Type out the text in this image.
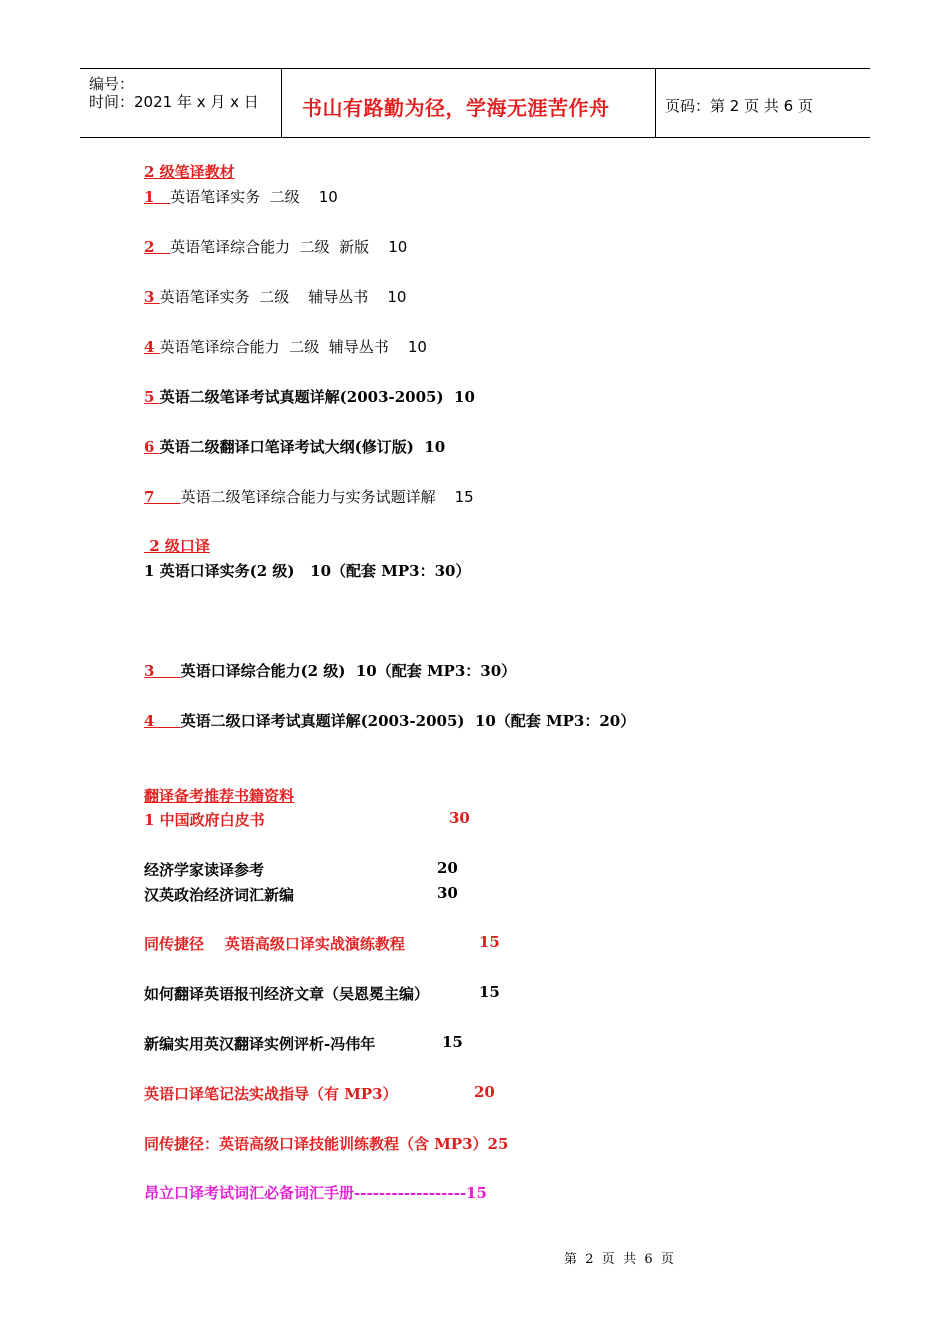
编号：
时间：2021 年 x 月 x 日 书山有路勤为径，学海无涯苦作舟	页码：第 2 页 共 6 页
2 级笔译教材
1   英语笔译实务  二级    10
2   英语笔译综合能力  二级  新版    10
3 英语笔译实务  二级    辅导丛书    10
4 英语笔译综合能力  二级  辅导丛书    10
5 英语二级笔译考试真题详解(2003-2005)  10
6 英语二级翻译口笔译考试大纲(修订版)  10
7     英语二级笔译综合能力与实务试题详解    15
2 级口译
1 英语口译实务(2 级)   10（配套 MP3：30）
3     英语口译综合能力(2 级)  10（配套 MP3：30）
4     英语二级口译考试真题详解(2003-2005)  10（配套 MP3：20）
翻译备考推荐书籍资料
1 中国政府白皮书	30
经济学家读译参考	20
汉英政治经济词汇新编	30
同传捷径    英语高级口译实战演练教程	15
如何翻译英语报刊经济文章（吴恩冕主编）	15
新编实用英汉翻译实例评析-冯伟年	15
英语口译笔记法实战指导（有 MP3）	20
同传捷径：英语高级口译技能训练教程（含 MP3）25
昂立口译考试词汇必备词汇手册------------------15
第  2  页  共  6  页
